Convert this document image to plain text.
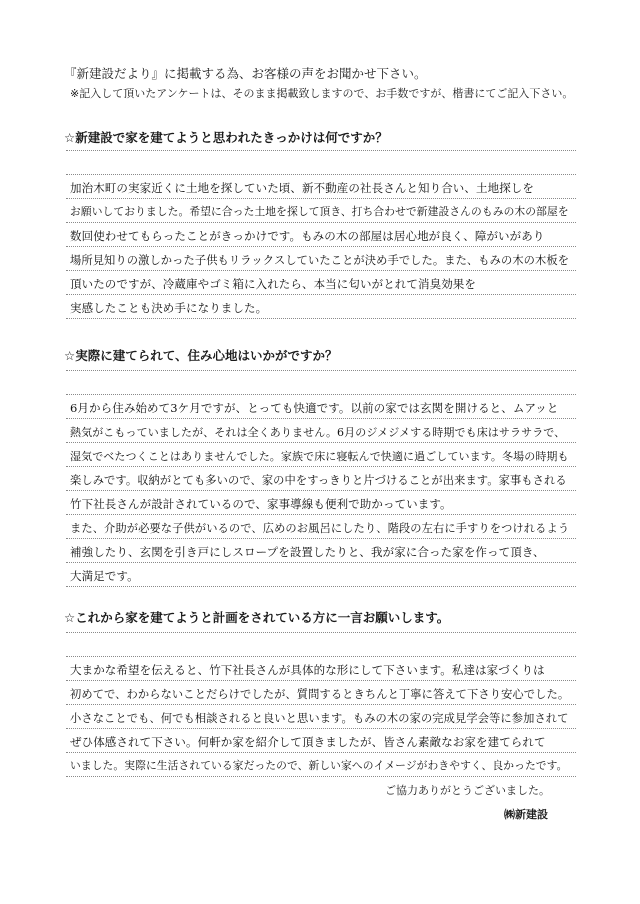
『新建設だより』に掲載する為、お客様の声をお聞かせ下さい。
※記入して頂いたアンケートは、そのまま掲載致しますので、お手数ですが、楷書にてご記入下さい。
☆新建設で家を建てようと思われたきっかけは何ですか？
加治木町の実家近くに土地を探していた頃、新不動産の社長さんと知り合い、土地探しを
お願いしておりました。希望に合った土地を探して頂き、打ち合わせで新建設さんのもみの木の部屋を
数回使わせてもらったことがきっかけです。もみの木の部屋は居心地が良く、障がいがあり
場所見知りの激しかった子供もリラックスしていたことが決め手でした。また、もみの木の木板を
頂いたのですが、冷蔵庫やゴミ箱に入れたら、本当に匂いがとれて消臭効果を
実感したことも決め手になりました。
☆実際に建てられて、住み心地はいかがですか？
6月から住み始めて3ケ月ですが、とっても快適です。以前の家では玄関を開けると、ムアッと
熱気がこもっていましたが、それは全くありません。6月のジメジメする時期でも床はサラサラで、
湿気でベたつくことはありませんでした。家族で床に寝転んで快適に過ごしています。冬場の時期も
楽しみです。収納がとても多いので、家の中をすっきりと片づけることが出来ます。家事もされる
竹下社長さんが設計されているので、家事導線も便利で助かっています。
また、介助が必要な子供がいるので、広めのお風呂にしたり、階段の左右に手すりをつけれるよう
補強したり、玄関を引き戸にしスロープを設置したりと、我が家に合った家を作って頂き、
大満足です。
☆これから家を建てようと計画をされている方に一言お願いします。
大まかな希望を伝えると、竹下社長さんが具体的な形にして下さいます。私達は家づくりは
初めてで、わからないことだらけでしたが、質問するときちんと丁寧に答えて下さり安心でした。
小さなことでも、何でも相談されると良いと思います。もみの木の家の完成見学会等に参加されて
ぜひ体感されて下さい。何軒か家を紹介して頂きましたが、皆さん素敵なお家を建てられて
いました。実際に生活されている家だったので、新しい家へのイメージがわきやすく、良かったです。
ご協力ありがとうございました。
㈱新建設
